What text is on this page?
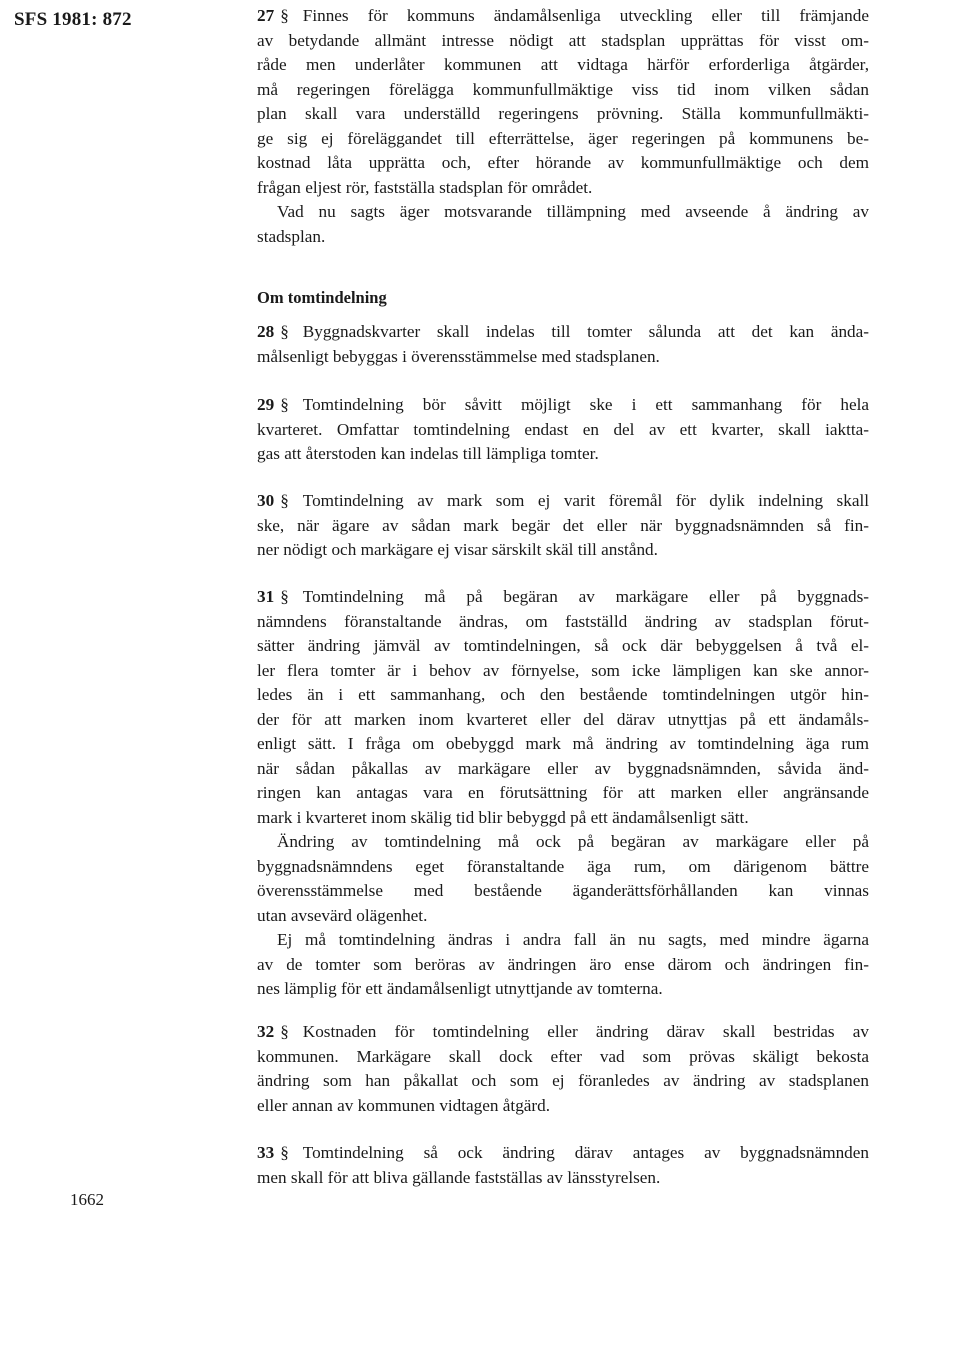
SFS 1981: 872
1662
27 § Finnes för kommuns ändamålsenliga utveckling eller till främjande
av betydande allmänt intresse nödigt att stadsplan upprättas för visst om-
råde men underlåter kommunen att vidtaga härför erforderliga åtgärder,
må regeringen förelägga kommunfullmäktige viss tid inom vilken sådan
plan skall vara underställd regeringens prövning. Ställa kommunfullmäkti-
ge sig ej föreläggandet till efterrättelse, äger regeringen på kommunens be-
kostnad låta upprätta och, efter hörande av kommunfullmäktige och dem
frågan eljest rör, fastställa stadsplan för området.
Vad nu sagts äger motsvarande tillämpning med avseende å ändring av
stadsplan.
Om tomtindelning
28 § Byggnadskvarter skall indelas till tomter sålunda att det kan ända-
målsenligt bebyggas i överensstämmelse med stadsplanen.
29 § Tomtindelning bör såvitt möjligt ske i ett sammanhang för hela
kvarteret. Omfattar tomtindelning endast en del av ett kvarter, skall iaktta-
gas att återstoden kan indelas till lämpliga tomter.
30 § Tomtindelning av mark som ej varit föremål för dylik indelning skall
ske, när ägare av sådan mark begär det eller när byggnadsnämnden så fin-
ner nödigt och markägare ej visar särskilt skäl till anstånd.
31 § Tomtindelning må på begäran av markägare eller på byggnads-
nämndens föranstaltande ändras, om fastställd ändring av stadsplan förut-
sätter ändring jämväl av tomtindelningen, så ock där bebyggelsen å två el-
ler flera tomter är i behov av förnyelse, som icke lämpligen kan ske annor-
ledes än i ett sammanhang, och den bestående tomtindelningen utgör hin-
der för att marken inom kvarteret eller del därav utnyttjas på ett ändamåls-
enligt sätt. I fråga om obebyggd mark må ändring av tomtindelning äga rum
när sådan påkallas av markägare eller av byggnadsnämnden, såvida änd-
ringen kan antagas vara en förutsättning för att marken eller angränsande
mark i kvarteret inom skälig tid blir bebyggd på ett ändamålsenligt sätt.
Ändring av tomtindelning må ock på begäran av markägare eller på
byggnadsnämndens eget föranstaltande äga rum, om därigenom bättre
överensstämmelse med bestående äganderättsförhållanden kan vinnas
utan avsevärd olägenhet.
Ej må tomtindelning ändras i andra fall än nu sagts, med mindre ägarna
av de tomter som beröras av ändringen äro ense därom och ändringen fin-
nes lämplig för ett ändamålsenligt utnyttjande av tomterna.
32 § Kostnaden för tomtindelning eller ändring därav skall bestridas av
kommunen. Markägare skall dock efter vad som prövas skäligt bekosta
ändring som han påkallat och som ej föranledes av ändring av stadsplanen
eller annan av kommunen vidtagen åtgärd.
33 § Tomtindelning så ock ändring därav antages av byggnadsnämnden
men skall för att bliva gällande fastställas av länsstyrelsen.
